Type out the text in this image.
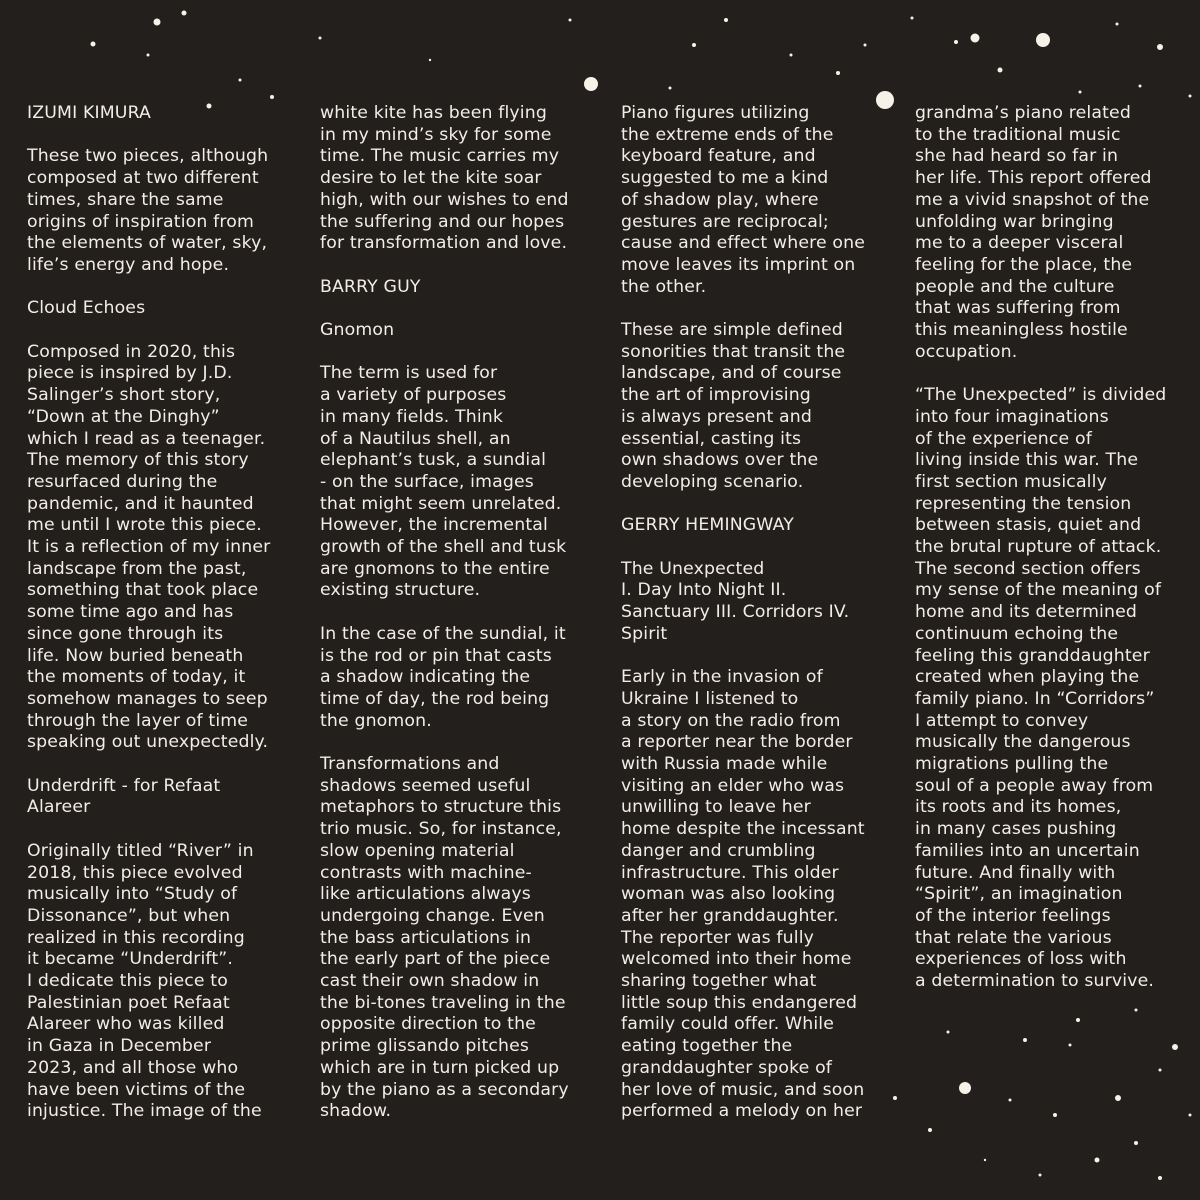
IZUMI KIMURA

These two pieces, although
composed at two different
times, share the same
origins of inspiration from
the elements of water, sky,
life’s energy and hope.

Cloud Echoes

Composed in 2020, this
piece is inspired by J.D.
Salinger’s short story,
“Down at the Dinghy”
which I read as a teenager.
The memory of this story
resurfaced during the
pandemic, and it haunted
me until I wrote this piece.
It is a reflection of my inner
landscape from the past,
something that took place
some time ago and has
since gone through its
life. Now buried beneath
the moments of today, it
somehow manages to seep
through the layer of time
speaking out unexpectedly.

Underdrift - for Refaat
Alareer

Originally titled “River” in
2018, this piece evolved
musically into “Study of
Dissonance”, but when
realized in this recording
it became “Underdrift”.
I dedicate this piece to
Palestinian poet Refaat
Alareer who was killed
in Gaza in December
2023, and all those who
have been victims of the
injustice. The image of the

white kite has been flying
in my mind’s sky for some
time. The music carries my
desire to let the kite soar
high, with our wishes to end
the suffering and our hopes
for transformation and love.

BARRY GUY

Gnomon

The term is used for
a variety of purposes
in many fields. Think
of a Nautilus shell, an
elephant’s tusk, a sundial
- on the surface, images
that might seem unrelated.
However, the incremental
growth of the shell and tusk
are gnomons to the entire
existing structure.

In the case of the sundial, it
is the rod or pin that casts
a shadow indicating the
time of day, the rod being
the gnomon.

Transformations and
shadows seemed useful
metaphors to structure this
trio music. So, for instance,
slow opening material
contrasts with machine-
like articulations always
undergoing change. Even
the bass articulations in
the early part of the piece
cast their own shadow in
the bi-tones traveling in the
opposite direction to the
prime glissando pitches
which are in turn picked up
by the piano as a secondary
shadow.

Piano figures utilizing
the extreme ends of the
keyboard feature, and
suggested to me a kind
of shadow play, where
gestures are reciprocal;
cause and effect where one
move leaves its imprint on
the other.

These are simple defined
sonorities that transit the
landscape, and of course
the art of improvising
is always present and
essential, casting its
own shadows over the
developing scenario.

GERRY HEMINGWAY

The Unexpected
I. Day Into Night II.
Sanctuary III. Corridors IV.
Spirit

Early in the invasion of
Ukraine I listened to
a story on the radio from
a reporter near the border
with Russia made while
visiting an elder who was
unwilling to leave her
home despite the incessant
danger and crumbling
infrastructure. This older
woman was also looking
after her granddaughter.
The reporter was fully
welcomed into their home
sharing together what
little soup this endangered
family could offer. While
eating together the
granddaughter spoke of
her love of music, and soon
performed a melody on her

grandma’s piano related
to the traditional music
she had heard so far in
her life. This report offered
me a vivid snapshot of the
unfolding war bringing
me to a deeper visceral
feeling for the place, the
people and the culture
that was suffering from
this meaningless hostile
occupation.

“The Unexpected” is divided
into four imaginations
of the experience of
living inside this war. The
first section musically
representing the tension
between stasis, quiet and
the brutal rupture of attack.
The second section offers
my sense of the meaning of
home and its determined
continuum echoing the
feeling this granddaughter
created when playing the
family piano. In “Corridors”
I attempt to convey
musically the dangerous
migrations pulling the
soul of a people away from
its roots and its homes,
in many cases pushing
families into an uncertain
future. And finally with
“Spirit”, an imagination
of the interior feelings
that relate the various
experiences of loss with
a determination to survive.
